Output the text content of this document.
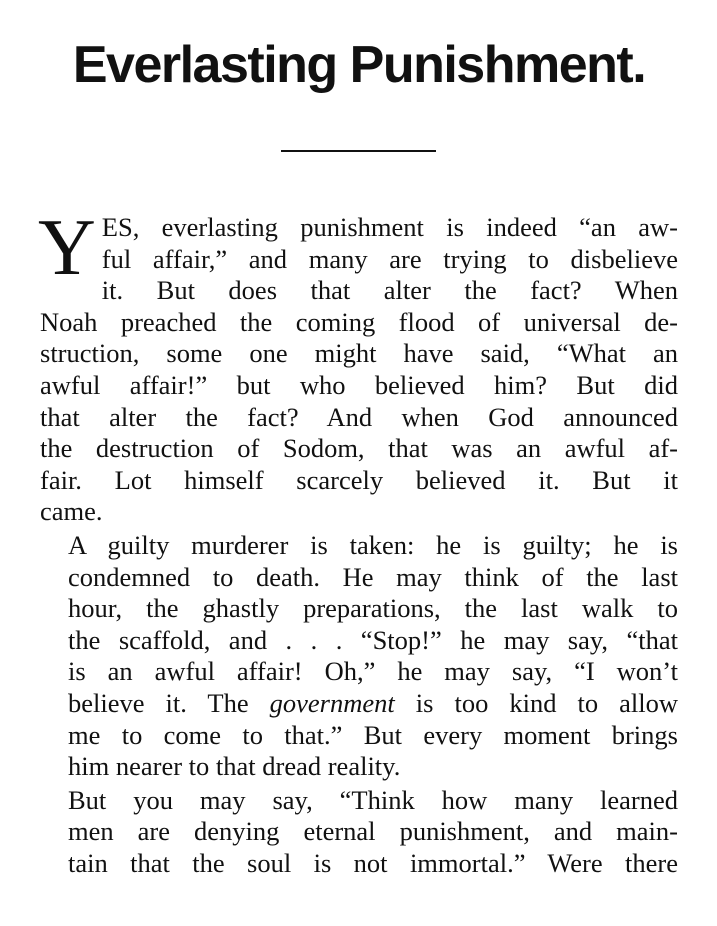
Everlasting Punishment.

Y ES, everlasting punishment is indeed “an aw-
ful affair,” and many are trying to disbelieve
it. But does that alter the fact? When
Noah preached the coming flood of universal de-
struction, some one might have said, “What an
awful affair!” but who believed him? But did
that alter the fact? And when God announced
the destruction of Sodom, that was an awful af-
fair. Lot himself scarcely believed it. But it
came.

A guilty murderer is taken: he is guilty; he is
condemned to death. He may think of the last
hour, the ghastly preparations, the last walk to
the scaffold, and . . . “Stop!” he may say, “that
is an awful affair! Oh,” he may say, “I won’t
believe it. The government is too kind to allow
me to come to that.” But every moment brings
him nearer to that dread reality.

But you may say, “Think how many learned
men are denying eternal punishment, and main-
tain that the soul is not immortal.” Were there
